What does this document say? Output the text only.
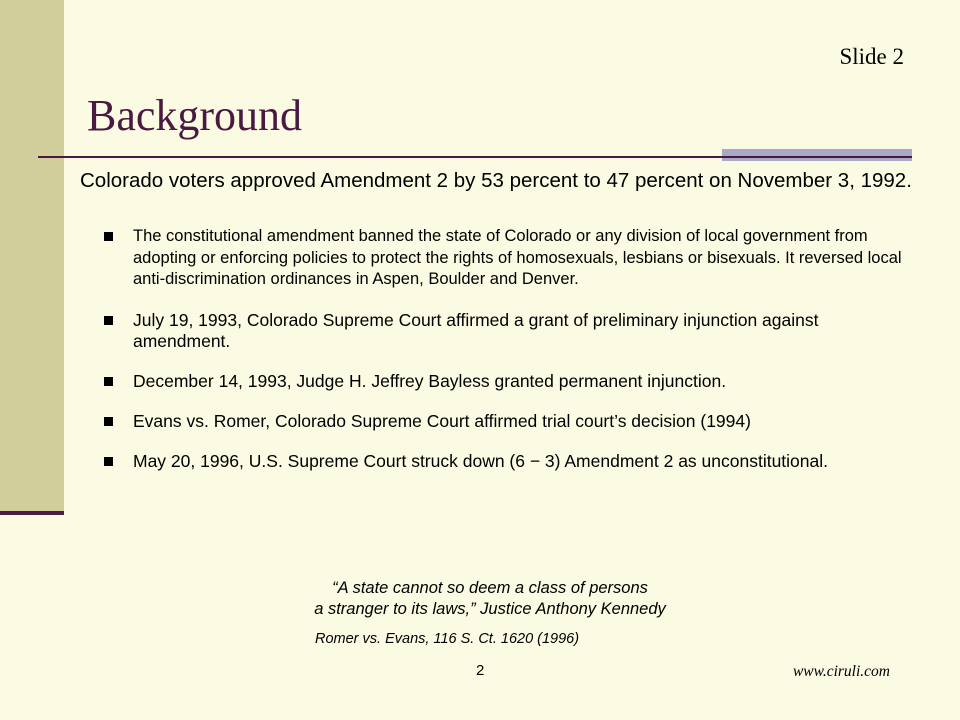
Slide 2
Background
Colorado voters approved Amendment 2 by 53 percent to 47 percent on November 3, 1992.
The constitutional amendment banned the state of Colorado or any division of local government from adopting or enforcing policies to protect the rights of homosexuals, lesbians or bisexuals. It reversed local anti-discrimination ordinances in Aspen, Boulder and Denver.
July 19, 1993, Colorado Supreme Court affirmed a grant of preliminary injunction against amendment.
December 14, 1993, Judge H. Jeffrey Bayless granted permanent injunction.
Evans vs. Romer, Colorado Supreme Court affirmed trial court’s decision (1994)
May 20, 1996, U.S. Supreme Court struck down (6 − 3) Amendment 2 as unconstitutional.
“A state cannot so deem a class of persons
a stranger to its laws,” Justice Anthony Kennedy
Romer vs. Evans, 116 S. Ct. 1620 (1996)
2	www.ciruli.com
